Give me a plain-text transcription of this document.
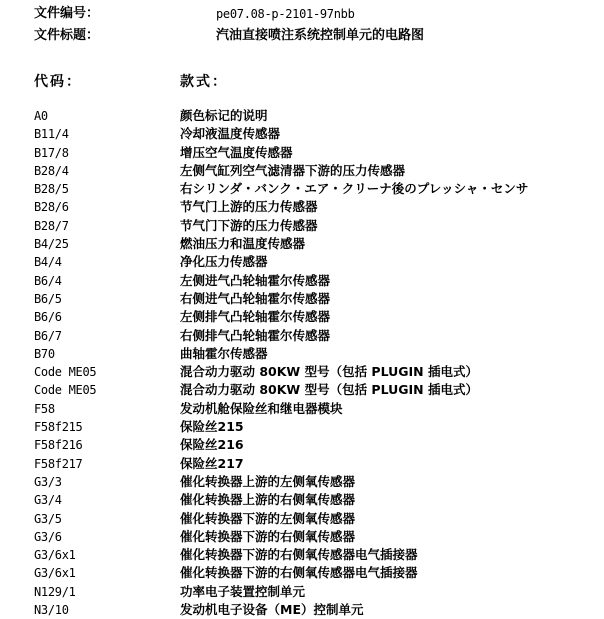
文件编号：	pe07.08-p-2101-97nbb
文件标题：	汽油直接喷注系统控制单元的电路图
代码：	款式：
A0	颜色标记的说明
B11/4	冷却液温度传感器
B17/8	增压空气温度传感器
B28/4	左侧气缸列空气滤清器下游的压力传感器
B28/5	右シリンダ・バンク・エア・クリーナ後のプレッシャ・センサ
B28/6	节气门上游的压力传感器
B28/7	节气门下游的压力传感器
B4/25	燃油压力和温度传感器
B4/4	净化压力传感器
B6/4	左侧进气凸轮轴霍尔传感器
B6/5	右侧进气凸轮轴霍尔传感器
B6/6	左侧排气凸轮轴霍尔传感器
B6/7	右侧排气凸轮轴霍尔传感器
B70	曲轴霍尔传感器
Code ME05	混合动力驱动 80KW 型号（包括 PLUGIN 插电式）
Code ME05	混合动力驱动 80KW 型号（包括 PLUGIN 插电式）
F58	发动机舱保险丝和继电器模块
F58f215	保险丝215
F58f216	保险丝216
F58f217	保险丝217
G3/3	催化转换器上游的左侧氧传感器
G3/4	催化转换器上游的右侧氧传感器
G3/5	催化转换器下游的左侧氧传感器
G3/6	催化转换器下游的右侧氧传感器
G3/6x1	催化转换器下游的右侧氧传感器电气插接器
G3/6x1	催化转换器下游的右侧氧传感器电气插接器
N129/1	功率电子装置控制单元
N3/10	发动机电子设备（ME）控制单元
